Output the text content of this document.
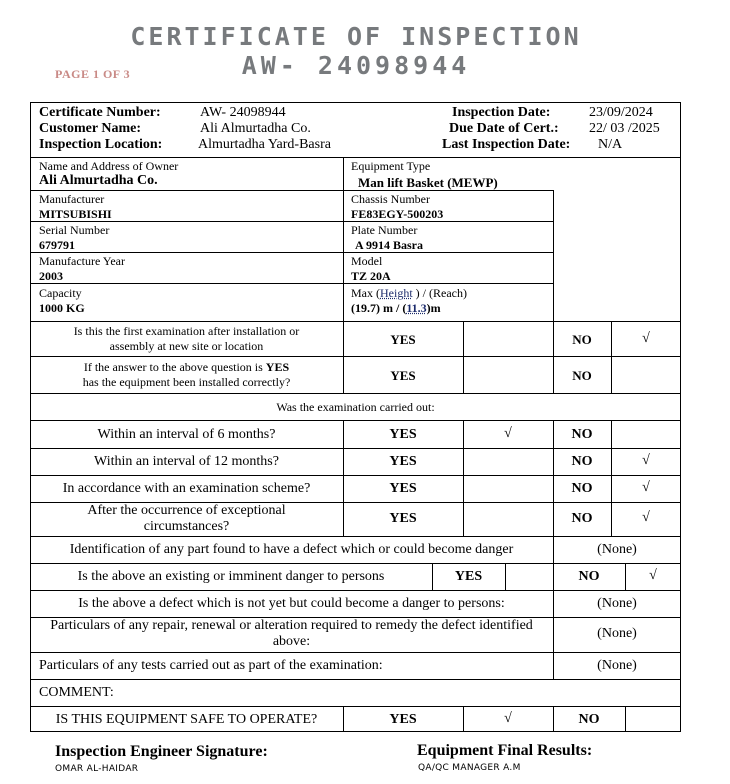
CERTIFICATE OF INSPECTION
AW- 24098944
PAGE 1 OF 3
Certificate Number:	AW- 24098944
Customer Name:	Ali Almurtadha Co.
Inspection Location:	Almurtadha Yard-Basra
Inspection Date:	23/09/2024
Due Date of Cert.: 22/ 03 /2025
Last Inspection Date: N/A
Name and Address of Owner
Ali Almurtadha Co.
Equipment Type
Man lift Basket (MEWP)
Manufacturer
MITSUBISHI
Chassis Number
FE83EGY-500203
Serial Number
679791
Plate Number
A 9914 Basra
Manufacture Year
2003
Model
TZ 20A
Capacity
1000 KG
Max (Height ) / (Reach)
(19.7) m / (11.3)m
Is this the first examination after installation or
assembly at new site or location	YES	NO	√
If the answer to the above question is YES
has the equipment been installed correctly?	YES	NO
Was the examination carried out:
Within an interval of 6 months?	YES	√	NO
Within an interval of 12 months?	YES	NO	√
In accordance with an examination scheme?	YES	NO	√
After the occurrence of exceptional
circumstances?
YES	NO	√
Identification of any part found to have a defect which or could become danger	(None)
Is the above an existing or imminent danger to persons	YES	NO	√
Is the above a defect which is not yet but could become a danger to persons:	(None)
Particulars of any repair, renewal or alteration required to remedy the defect identified
above:
(None)
Particulars of any tests carried out as part of the examination:	(None)
COMMENT:
IS THIS EQUIPMENT SAFE TO OPERATE?	YES	√	NO
Inspection Engineer Signature:
OMAR AL-HAIDAR
Equipment Final Results:
QA/QC MANAGER A.M
